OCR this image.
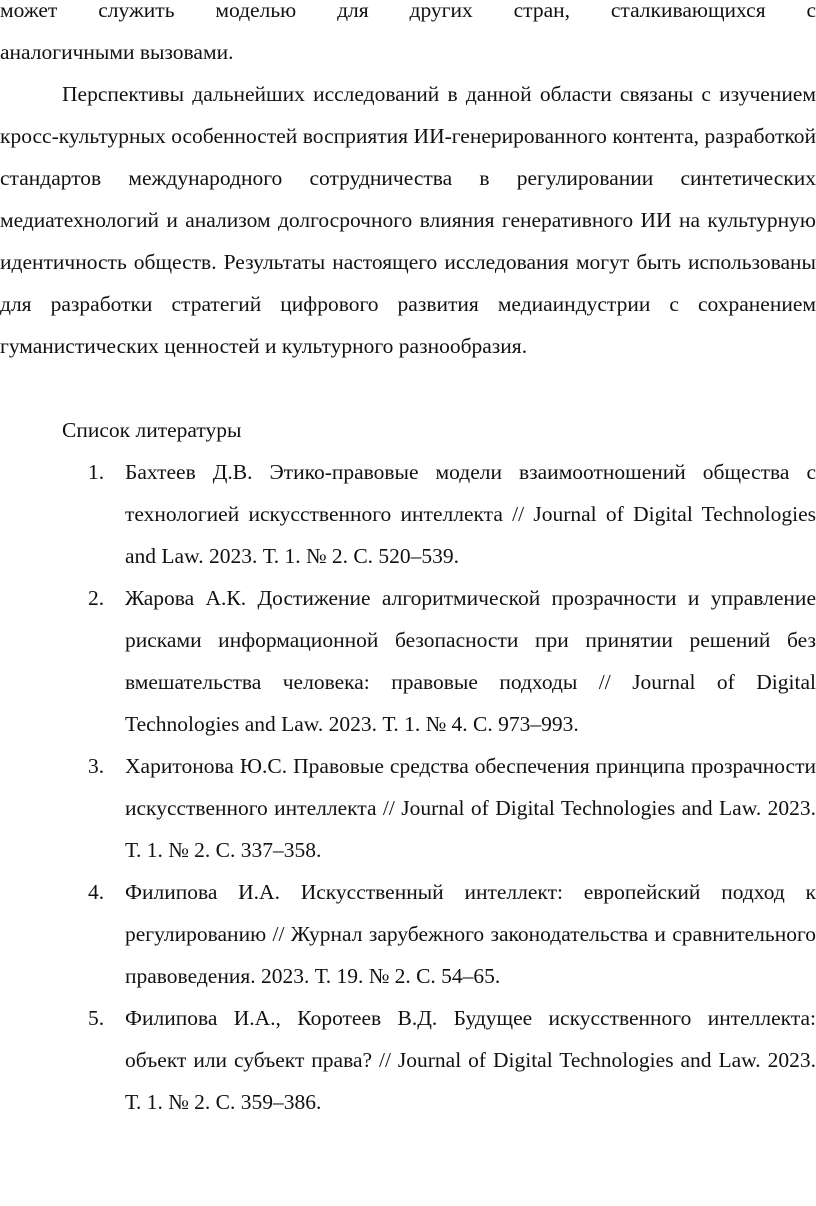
может служить моделью для других стран, сталкивающихся с

аналогичными вызовами.

Перспективы дальнейших исследований в данной области связаны с изучением кросс-культурных особенностей восприятия ИИ-генерированного контента, разработкой стандартов международного сотрудничества в регулировании синтетических медиатехнологий и анализом долгосрочного влияния генеративного ИИ на культурную идентичность обществ. Результаты настоящего исследования могут быть использованы для разработки стратегий цифрового развития медиаиндустрии с сохранением гуманистических ценностей и культурного разнообразия.

Список литературы

1. Бахтеев Д.В. Этико-правовые модели взаимоотношений общества с технологией искусственного интеллекта // Journal of Digital Technologies and Law. 2023. Т. 1. № 2. С. 520–539.
2. Жарова А.К. Достижение алгоритмической прозрачности и управление рисками информационной безопасности при принятии решений без вмешательства человека: правовые подходы // Journal of Digital Technologies and Law. 2023. Т. 1. № 4. С. 973–993.
3. Харитонова Ю.С. Правовые средства обеспечения принципа прозрачности искусственного интеллекта // Journal of Digital Technologies and Law. 2023. Т. 1. № 2. С. 337–358.
4. Филипова И.А. Искусственный интеллект: европейский подход к регулированию // Журнал зарубежного законодательства и сравнительного правоведения. 2023. Т. 19. № 2. С. 54–65.
5. Филипова И.А., Коротеев В.Д. Будущее искусственного интеллекта: объект или субъект права? // Journal of Digital Technologies and Law. 2023. Т. 1. № 2. С. 359–386.
